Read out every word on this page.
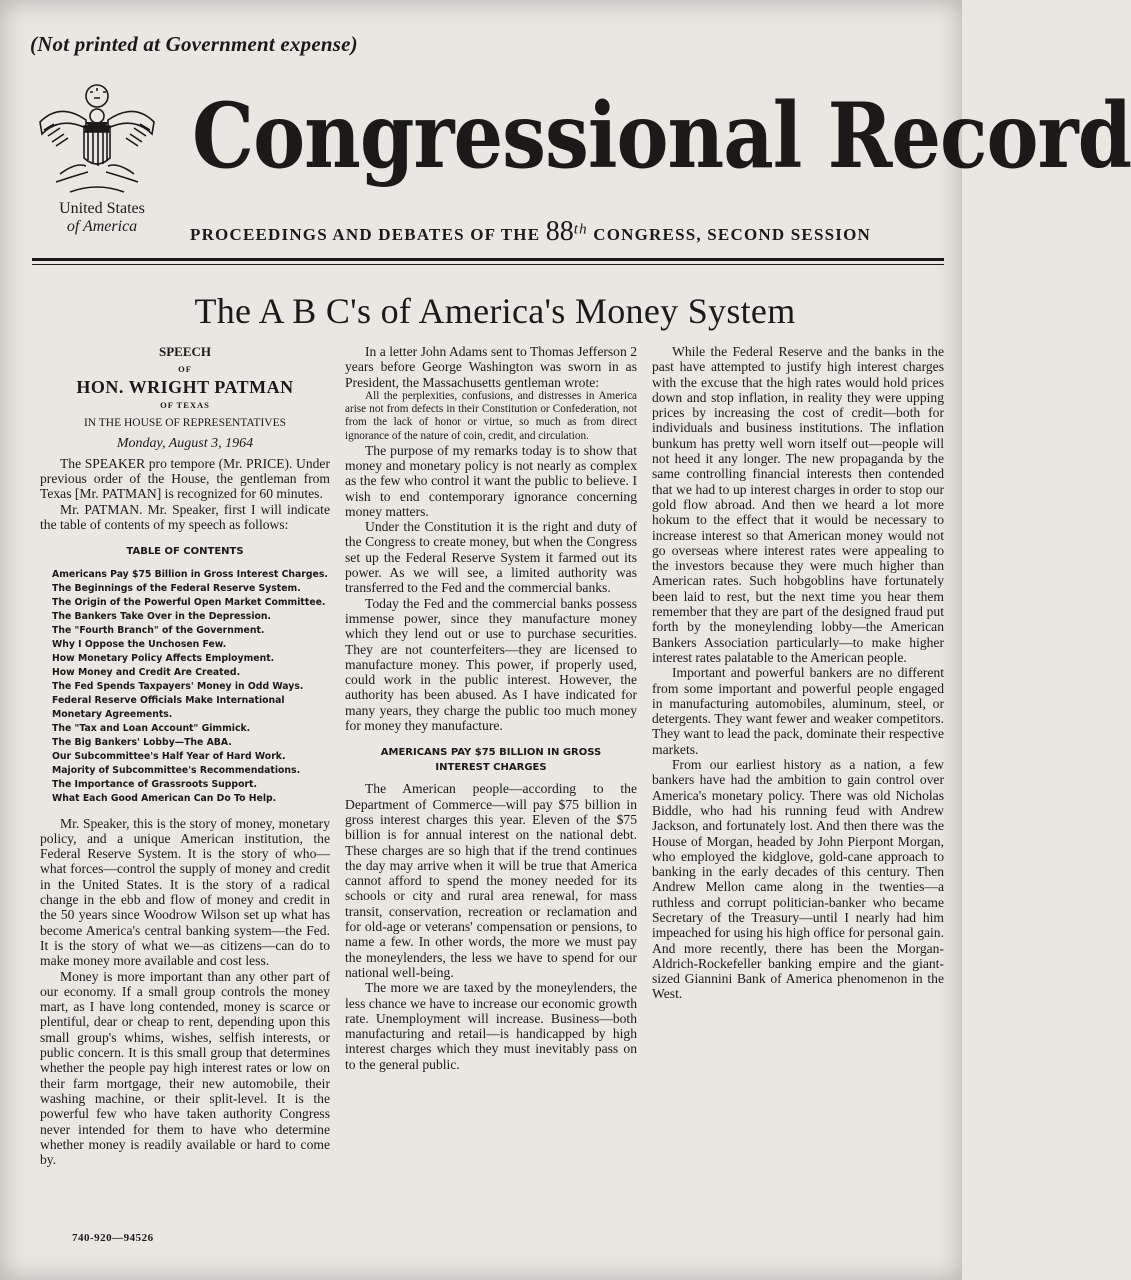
(Not printed at Government expense)
United States
of America
Congressional Record
PROCEEDINGS AND DEBATES OF THE 88th CONGRESS, SECOND SESSION
The A B C's of America's Money System
SPEECH
OF
HON. WRIGHT PATMAN
OF TEXAS
IN THE HOUSE OF REPRESENTATIVES
Monday, August 3, 1964

The SPEAKER pro tempore (Mr. PRICE). Under previous order of the House, the gentleman from Texas [Mr. PATMAN] is recognized for 60 minutes.

Mr. PATMAN. Mr. Speaker, first I will indicate the table of contents of my speech as follows:

TABLE OF CONTENTS
Americans Pay $75 Billion in Gross Interest Charges.
The Beginnings of the Federal Reserve System.
The Origin of the Powerful Open Market Committee.
The Bankers Take Over in the Depression.
The "Fourth Branch" of the Government.
Why I Oppose the Unchosen Few.
How Monetary Policy Affects Employment.
How Money and Credit Are Created.
The Fed Spends Taxpayers' Money in Odd Ways.
Federal Reserve Officials Make International Monetary Agreements.
The "Tax and Loan Account" Gimmick.
The Big Bankers' Lobby—The ABA.
Our Subcommittee's Half Year of Hard Work.
Majority of Subcommittee's Recommendations.
The Importance of Grassroots Support.
What Each Good American Can Do To Help.

Mr. Speaker, this is the story of money, monetary policy, and a unique American institution, the Federal Reserve System. It is the story of who—what forces—control the supply of money and credit in the United States. It is the story of a radical change in the ebb and flow of money and credit in the 50 years since Woodrow Wilson set up what has become America's central banking system—the Fed. It is the story of what we—as citizens—can do to make money more available and cost less.

Money is more important than any other part of our economy. If a small group controls the money mart, as I have long contended, money is scarce or plentiful, dear or cheap to rent, depending upon this small group's whims, wishes, selfish interests, or public concern. It is this small group that determines whether the people pay high interest rates or low on their farm mortgage, their new automobile, their washing machine, or their split-level. It is the powerful few who have taken authority Congress never intended for them to have who determine whether money is readily available or hard to come by.

In a letter John Adams sent to Thomas Jefferson 2 years before George Washington was sworn in as President, the Massachusetts gentleman wrote:

All the perplexities, confusions, and distresses in America arise not from defects in their Constitution or Confederation, not from the lack of honor or virtue, so much as from direct ignorance of the nature of coin, credit, and circulation.

The purpose of my remarks today is to show that money and monetary policy is not nearly as complex as the few who control it want the public to believe. I wish to end contemporary ignorance concerning money matters.

Under the Constitution it is the right and duty of the Congress to create money, but when the Congress set up the Federal Reserve System it farmed out its power. As we will see, a limited authority was transferred to the Fed and the commercial banks.

Today the Fed and the commercial banks possess immense power, since they manufacture money which they lend out or use to purchase securities. They are not counterfeiters—they are licensed to manufacture money. This power, if properly used, could work in the public interest. However, the authority has been abused. As I have indicated for many years, they charge the public too much money for money they manufacture.

AMERICANS PAY $75 BILLION IN GROSS
INTEREST CHARGES

The American people—according to the Department of Commerce—will pay $75 billion in gross interest charges this year. Eleven of the $75 billion is for annual interest on the national debt. These charges are so high that if the trend continues the day may arrive when it will be true that America cannot afford to spend the money needed for its schools or city and rural area renewal, for mass transit, conservation, recreation or reclamation and for old-age or veterans' compensation or pensions, to name a few. In other words, the more we must pay the moneylenders, the less we have to spend for our national well-being.

The more we are taxed by the moneylenders, the less chance we have to increase our economic growth rate. Unemployment will increase. Business—both manufacturing and retail—is handicapped by high interest charges which they must inevitably pass on to the general public.

While the Federal Reserve and the banks in the past have attempted to justify high interest charges with the excuse that the high rates would hold prices down and stop inflation, in reality they were upping prices by increasing the cost of credit—both for individuals and business institutions. The inflation bunkum has pretty well worn itself out—people will not heed it any longer. The new propaganda by the same controlling financial interests then contended that we had to up interest charges in order to stop our gold flow abroad. And then we heard a lot more hokum to the effect that it would be necessary to increase interest so that American money would not go overseas where interest rates were appealing to the investors because they were much higher than American rates. Such hobgoblins have fortunately been laid to rest, but the next time you hear them remember that they are part of the designed fraud put forth by the moneylending lobby—the American Bankers Association particularly—to make higher interest rates palatable to the American people.

Important and powerful bankers are no different from some important and powerful people engaged in manufacturing automobiles, aluminum, steel, or detergents. They want fewer and weaker competitors. They want to lead the pack, dominate their respective markets.

From our earliest history as a nation, a few bankers have had the ambition to gain control over America's monetary policy. There was old Nicholas Biddle, who had his running feud with Andrew Jackson, and fortunately lost. And then there was the House of Morgan, headed by John Pierpont Morgan, who employed the kidglove, gold-cane approach to banking in the early decades of this century. Then Andrew Mellon came along in the twenties—a ruthless and corrupt politician-banker who became Secretary of the Treasury—until I nearly had him impeached for using his high office for personal gain. And more recently, there has been the Morgan-Aldrich-Rockefeller banking empire and the giant-sized Giannini Bank of America phenomenon in the West.

740-920—94526
